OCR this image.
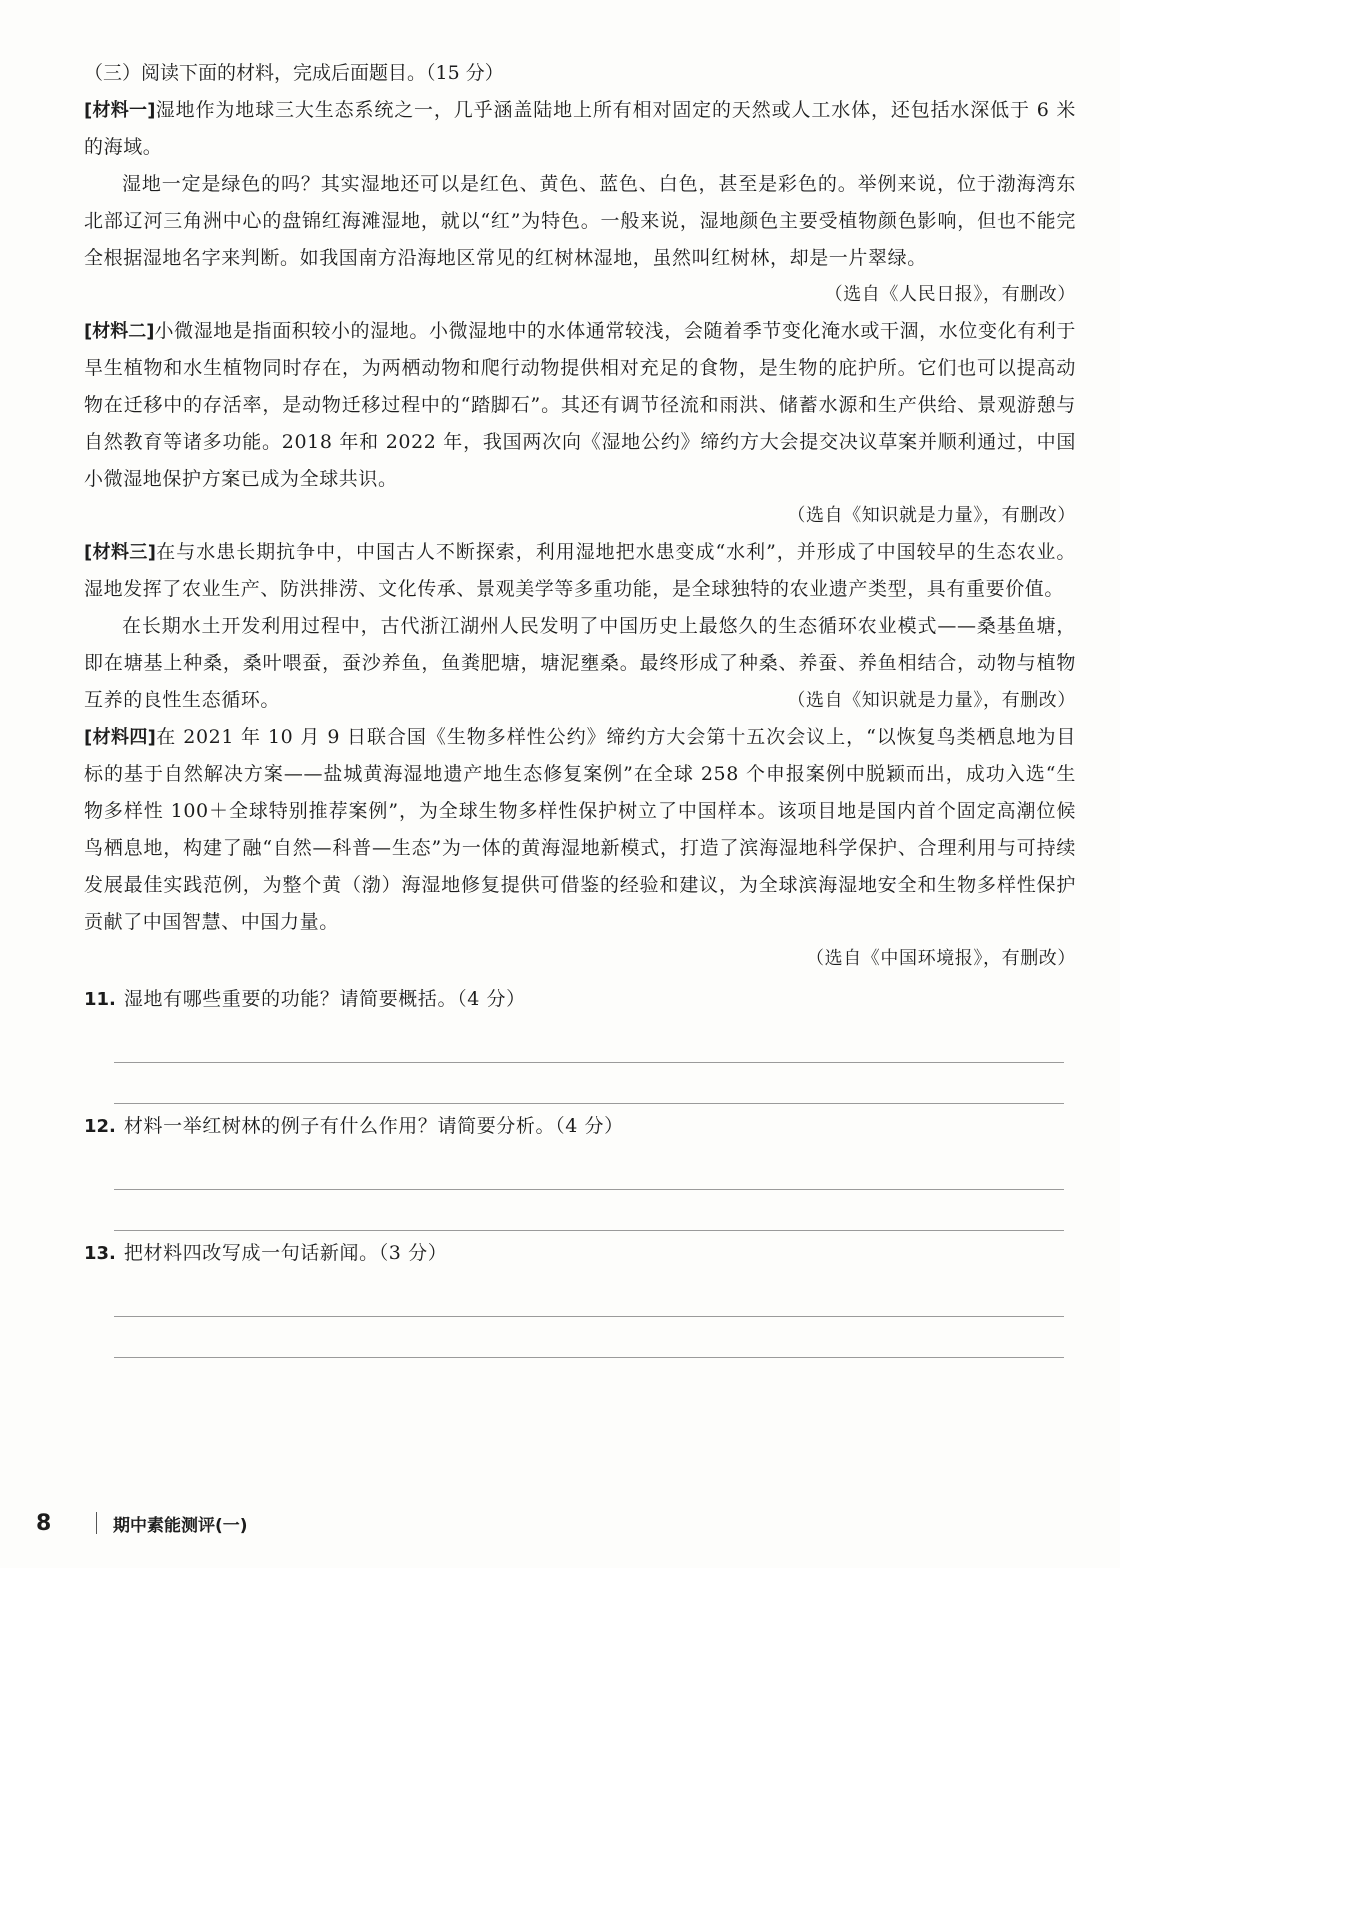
（三）阅读下面的材料，完成后面题目。（15 分）

[材料一]湿地作为地球三大生态系统之一，几乎涵盖陆地上所有相对固定的天然或人工水体，还包括水深低于 6 米的海域。

湿地一定是绿色的吗？其实湿地还可以是红色、黄色、蓝色、白色，甚至是彩色的。举例来说，位于渤海湾东北部辽河三角洲中心的盘锦红海滩湿地，就以“红”为特色。一般来说，湿地颜色主要受植物颜色影响，但也不能完全根据湿地名字来判断。如我国南方沿海地区常见的红树林湿地，虽然叫红树林，却是一片翠绿。

（选自《人民日报》，有删改）

[材料二]小微湿地是指面积较小的湿地。小微湿地中的水体通常较浅，会随着季节变化淹水或干涸，水位变化有利于旱生植物和水生植物同时存在，为两栖动物和爬行动物提供相对充足的食物，是生物的庇护所。它们也可以提高动物在迁移中的存活率，是动物迁移过程中的“踏脚石”。其还有调节径流和雨洪、储蓄水源和生产供给、景观游憩与自然教育等诸多功能。2018 年和 2022 年，我国两次向《湿地公约》缔约方大会提交决议草案并顺利通过，中国小微湿地保护方案已成为全球共识。

（选自《知识就是力量》，有删改）

[材料三]在与水患长期抗争中，中国古人不断探索，利用湿地把水患变成“水利”，并形成了中国较早的生态农业。湿地发挥了农业生产、防洪排涝、文化传承、景观美学等多重功能，是全球独特的农业遗产类型，具有重要价值。

在长期水土开发利用过程中，古代浙江湖州人民发明了中国历史上最悠久的生态循环农业模式——桑基鱼塘，即在塘基上种桑，桑叶喂蚕，蚕沙养鱼，鱼粪肥塘，塘泥壅桑。最终形成了种桑、养蚕、养鱼相结合，动物与植物互养的良性生态循环。	（选自《知识就是力量》，有删改）

[材料四]在 2021 年 10 月 9 日联合国《生物多样性公约》缔约方大会第十五次会议上，“以恢复鸟类栖息地为目标的基于自然解决方案——盐城黄海湿地遗产地生态修复案例”在全球 258 个申报案例中脱颖而出，成功入选“生物多样性 100＋全球特别推荐案例”，为全球生物多样性保护树立了中国样本。该项目地是国内首个固定高潮位候鸟栖息地，构建了融“自然—科普—生态”为一体的黄海湿地新模式，打造了滨海湿地科学保护、合理利用与可持续发展最佳实践范例，为整个黄（渤）海湿地修复提供可借鉴的经验和建议，为全球滨海湿地安全和生物多样性保护贡献了中国智慧、中国力量。

（选自《中国环境报》，有删改）

11. 湿地有哪些重要的功能？请简要概括。（4 分）

12. 材料一举红树林的例子有什么作用？请简要分析。（4 分）

13. 把材料四改写成一句话新闻。（3 分）

8	期中素能测评(一)
